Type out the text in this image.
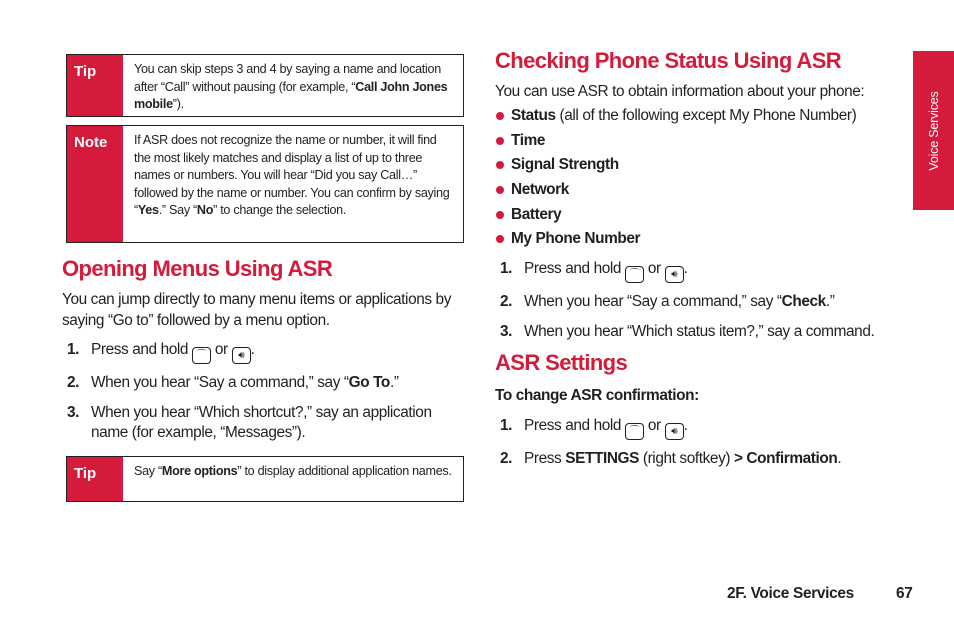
Tip	You can skip steps 3 and 4 by saying a name and location after “Call” without pausing (for example, “Call John Jones mobile”).
Note	If ASR does not recognize the name or number, it will find the most likely matches and display a list of up to three names or numbers. You will hear “Did you say Call…” followed by the name or number. You can confirm by saying “Yes.” Say “No” to change the selection.
Opening Menus Using ASR
You can jump directly to many menu items or applications by saying “Go to” followed by a menu option.
1. Press and hold ⌒ or 🔊︎ .
2. When you hear “Say a command,” say “Go To.”
3. When you hear “Which shortcut?,” say an application name (for example, “Messages”).
Tip	Say “More options” to display additional application names.
Checking Phone Status Using ASR
You can use ASR to obtain information about your phone:
Status (all of the following except My Phone Number)
Time
Signal Strength
Network
Battery
My Phone Number
1. Press and hold ⌒ or 🔊︎ .
2. When you hear “Say a command,” say “Check.”
3. When you hear “Which status item?,” say a command.
ASR Settings
To change ASR confirmation:
1. Press and hold ⌒ or 🔊︎ .
2. Press SETTINGS (right softkey) > Confirmation.
Voice Services
2F. Voice Services	67
